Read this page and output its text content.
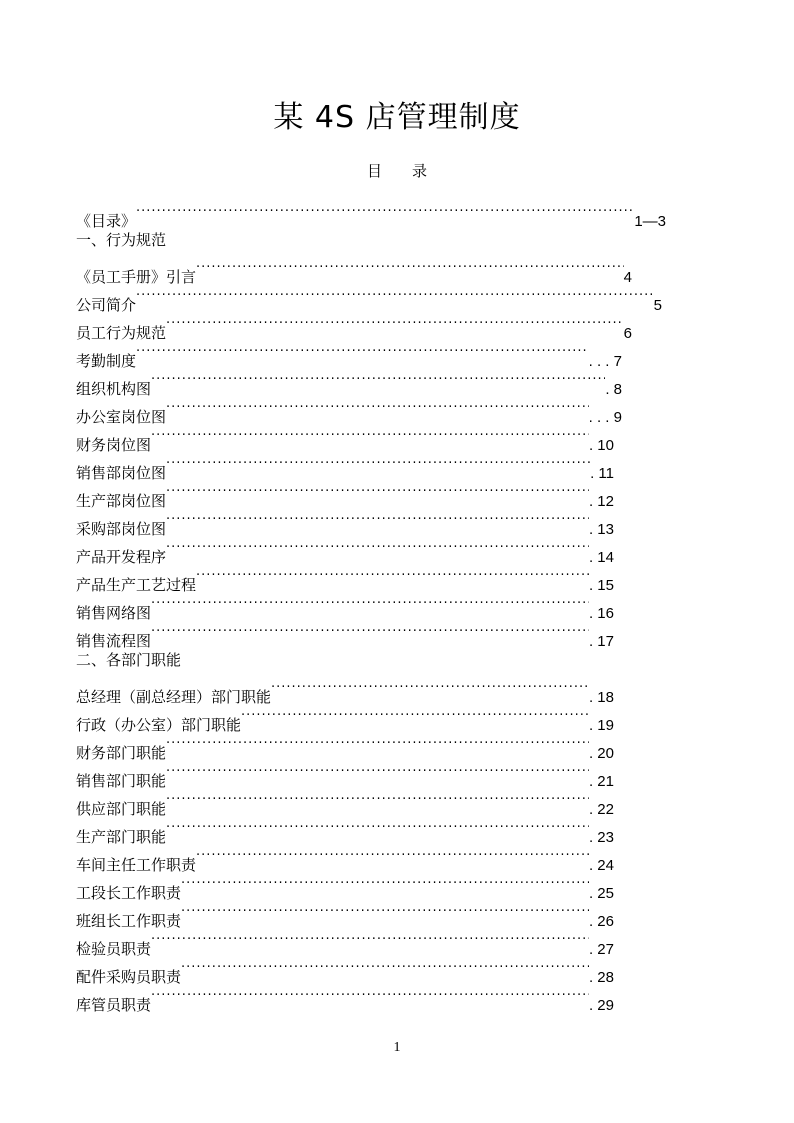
某 4S 店管理制度
目录
《目录》 ·····	1—3
一、行为规范
《员工手册》引言 ·····	4
公司简介 ·····	5
员工行为规范 ·····	6
考勤制度 ·····	. . . 7
组织机构图 ·····	. 8
办公室岗位图 ·····	. . . 9
财务岗位图 ·····	. 10
销售部岗位图 ·····	. 11
生产部岗位图 ·····	. 12
采购部岗位图 ·····	. 13
产品开发程序 ·····	. 14
产品生产工艺过程 ·····	. 15
销售网络图 ·····	. 16
销售流程图 ·····	. 17
二、各部门职能
总经理（副总经理）部门职能 ·····	. 18
行政（办公室）部门职能 ·····	. 19
财务部门职能 ·····	. 20
销售部门职能 ·····	. 21
供应部门职能 ·····	. 22
生产部门职能 ·····	. 23
车间主任工作职责 ·····	. 24
工段长工作职责 ·····	. 25
班组长工作职责 ·····	. 26
检验员职责 ·····	. 27
配件采购员职责 ·····	. 28
库管员职责 ·····	. 29
1
